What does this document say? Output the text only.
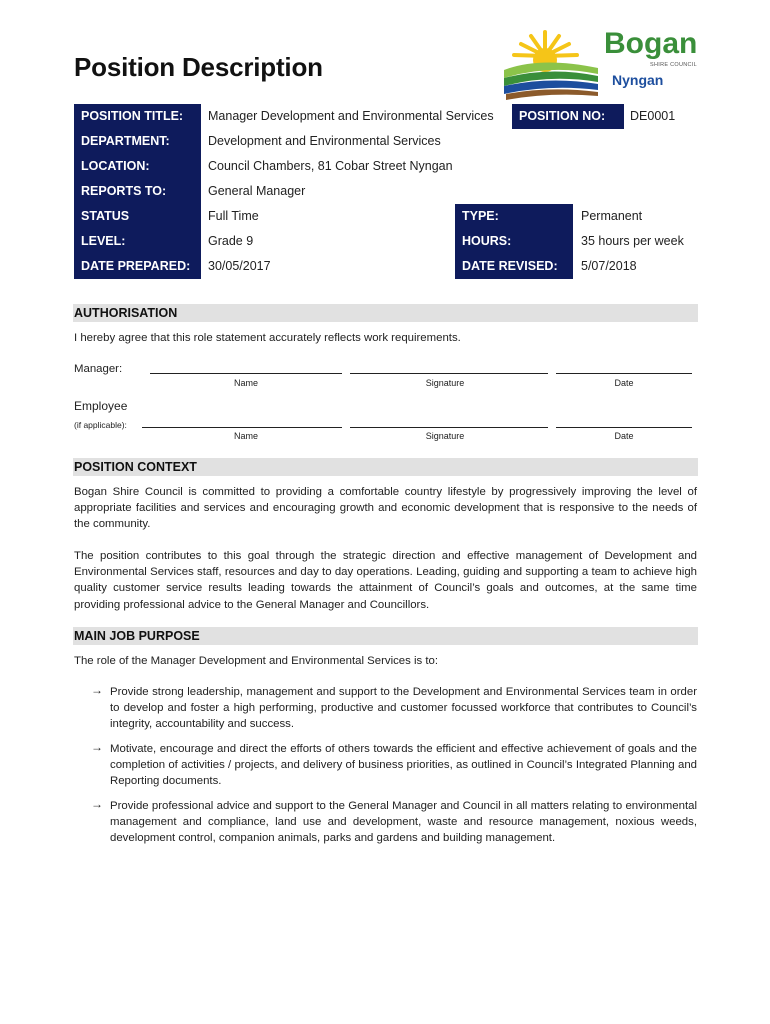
Position Description
Bogan
SHIRE COUNCIL
Nyngan
POSITION TITLE:	Manager Development and Environmental Services	POSITION NO:	DE0001
DEPARTMENT:	Development and Environmental Services
LOCATION:	Council Chambers, 81 Cobar Street Nyngan
REPORTS TO:	General Manager
STATUS	Full Time	TYPE:	Permanent
LEVEL:	Grade 9	HOURS:	35 hours per week
DATE PREPARED:	30/05/2017	DATE REVISED:	5/07/2018
AUTHORISATION
I hereby agree that this role statement accurately reflects work requirements.
Manager:
Name	Signature	Date
Employee
(if applicable):
Name	Signature	Date
POSITION CONTEXT
Bogan Shire Council is committed to providing a comfortable country lifestyle by progressively improving the level of appropriate facilities and services and encouraging growth and economic development that is responsive to the needs of the community.
The position contributes to this goal through the strategic direction and effective management of Development and Environmental Services staff, resources and day to day operations. Leading, guiding and supporting a team to achieve high quality customer service results leading towards the attainment of Council’s goals and outcomes, at the same time providing professional advice to the General Manager and Councillors.
MAIN JOB PURPOSE
The role of the Manager Development and Environmental Services is to:
→ Provide strong leadership, management and support to the Development and Environmental Services team in order to develop and foster a high performing, productive and customer focussed workforce that contributes to Council’s integrity, accountability and success.
→ Motivate, encourage and direct the efforts of others towards the efficient and effective achievement of goals and the completion of activities / projects, and delivery of business priorities, as outlined in Council’s Integrated Planning and Reporting documents.
→ Provide professional advice and support to the General Manager and Council in all matters relating to environmental management and compliance, land use and development, waste and resource management, noxious weeds, development control, companion animals, parks and gardens and building management.
